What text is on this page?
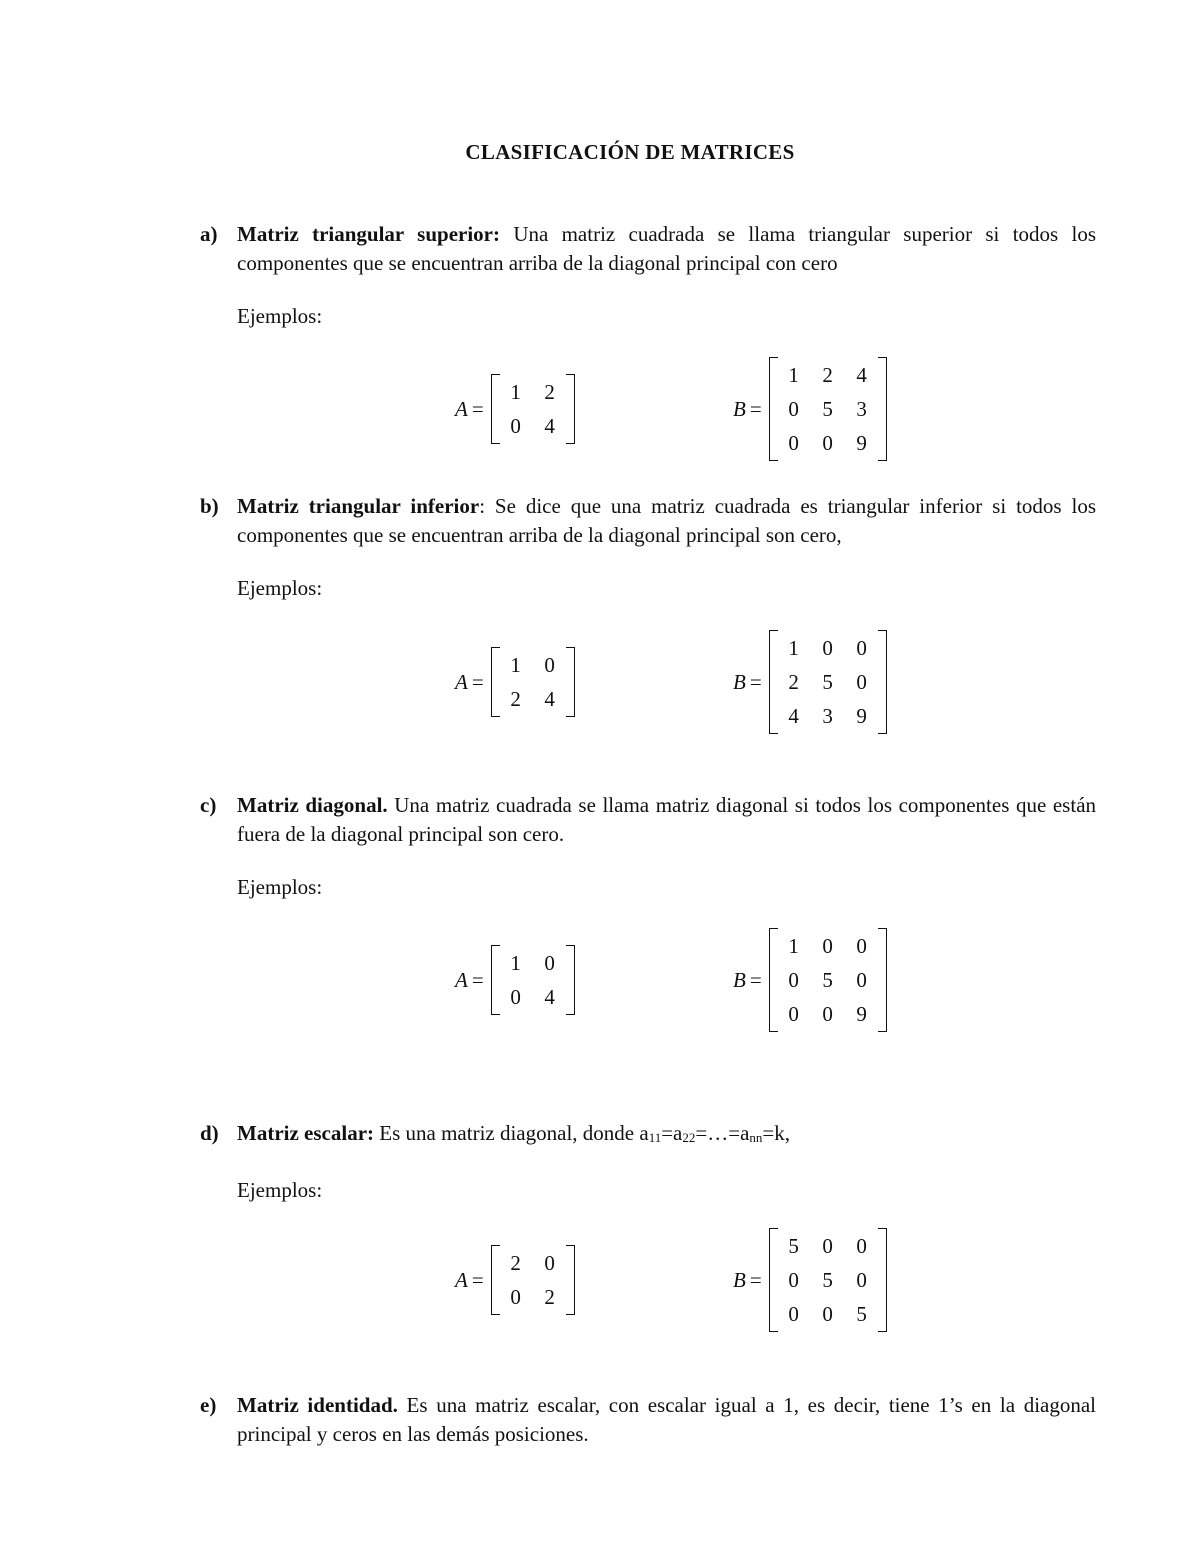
CLASIFICACIÓN DE MATRICES
a) Matriz triangular superior: Una matriz cuadrada se llama triangular superior si todos los componentes que se encuentran arriba de la diagonal principal con cero
Ejemplos:
A =
1	2
0	4
B =
1	2	4
0	5	3
0	0	9
b) Matriz triangular inferior: Se dice que una matriz cuadrada es triangular inferior si todos los componentes que se encuentran arriba de la diagonal principal son cero,
Ejemplos:
A =
1	0
2	4
B =
1	0	0
2	5	0
4	3	9
c) Matriz diagonal. Una matriz cuadrada se llama matriz diagonal si todos los componentes que están fuera de la diagonal principal son cero.
Ejemplos:
A =
1	0
0	4
B =
1	0	0
0	5	0
0	0	9
d) Matriz escalar: Es una matriz diagonal, donde $a_{11}=a_{22}=\dots=a_{nn}=k$,
Ejemplos:
A =
2	0
0	2
B =
5	0	0
0	5	0
0	0	5
e) Matriz identidad. Es una matriz escalar, con escalar igual a 1, es decir, tiene 1’s en la diagonal principal y ceros en las demás posiciones.
